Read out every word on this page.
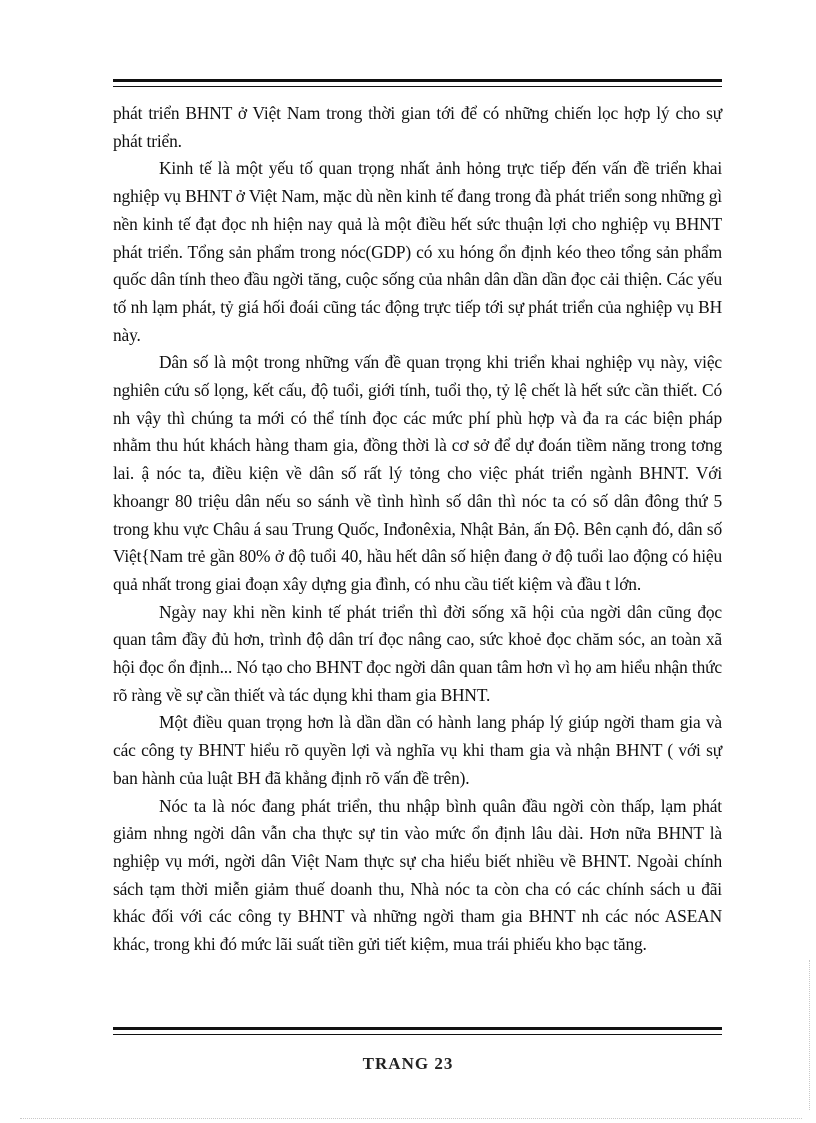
phát triển BHNT ở Việt Nam trong thời gian tới để có những chiến lọc hợp lý cho sự phát triển.

Kinh tế là một yếu tố quan trọng nhất ảnh hỏng trực tiếp đến vấn đề triển khai nghiệp vụ BHNT ở Việt Nam, mặc dù nền kinh tế đang trong đà phát triển song những gì nền kinh tế đạt đọc nh hiện nay quả là một điều hết sức thuận lợi cho nghiệp vụ BHNT phát triển. Tổng sản phẩm trong nóc(GDP) có xu hóng ổn định kéo theo tổng sản phẩm quốc dân tính theo đầu ngời tăng, cuộc sống của nhân dân dần dần đọc cải thiện. Các yếu tố nh lạm phát, tỷ giá hối đoái cũng tác động trực tiếp tới sự phát triển của nghiệp vụ BH này.

Dân số là một trong những vấn đề quan trọng khi triển khai nghiệp vụ này, việc nghiên cứu số lọng, kết cấu, độ tuổi, giới tính, tuổi thọ, tỷ lệ chết là hết sức cần thiết. Có nh vậy thì chúng ta mới có thể tính đọc các mức phí phù hợp và đa ra các biện pháp nhằm thu hút khách hàng tham gia, đồng thời là cơ sở để dự đoán tiềm năng trong tơng lai. ậ nóc ta, điều kiện về dân số rất lý tỏng cho việc phát triển ngành BHNT. Với khoangr 80 triệu dân nếu so sánh về tình hình số dân thì nóc ta có số dân đông thứ 5 trong khu vực Châu á sau Trung Quốc, Inđonêxia, Nhật Bản, ấn Độ. Bên cạnh đó, dân số Việt{Nam trẻ gần 80% ở độ tuổi 40, hầu hết dân số hiện đang ở độ tuổi lao động có hiệu quả nhất trong giai đoạn xây dựng gia đình, có nhu cầu tiết kiệm và đầu t lớn.

Ngày nay khi nền kinh tế phát triển thì đời sống xã hội của ngời dân cũng đọc quan tâm đầy đủ hơn, trình độ dân trí đọc nâng cao, sức khoẻ đọc chăm sóc, an toàn xã hội đọc ổn định... Nó tạo cho BHNT đọc ngời dân quan tâm hơn vì họ am hiểu nhận thức rõ ràng về sự cần thiết và tác dụng khi tham gia BHNT.

Một điều quan trọng hơn là dần dần có hành lang pháp lý giúp ngời tham gia và các công ty BHNT hiểu rõ quyền lợi và nghĩa vụ khi tham gia và nhận BHNT ( với sự ban hành của luật BH đã khẳng định rõ vấn đề trên).

Nóc ta là nóc đang phát triển, thu nhập bình quân đầu ngời còn thấp, lạm phát giảm nhng ngời dân vẫn cha thực sự tin vào mức ổn định lâu dài. Hơn nữa BHNT là nghiệp vụ mới, ngời dân Việt Nam thực sự cha hiểu biết nhiều về BHNT. Ngoài chính sách tạm thời miễn giảm thuế doanh thu, Nhà nóc ta còn cha có các chính sách u đãi khác đối với các công ty BHNT và những ngời tham gia BHNT nh các nóc ASEAN khác, trong khi đó mức lãi suất tiền gửi tiết kiệm, mua trái phiếu kho bạc tăng.

TRANG 23
